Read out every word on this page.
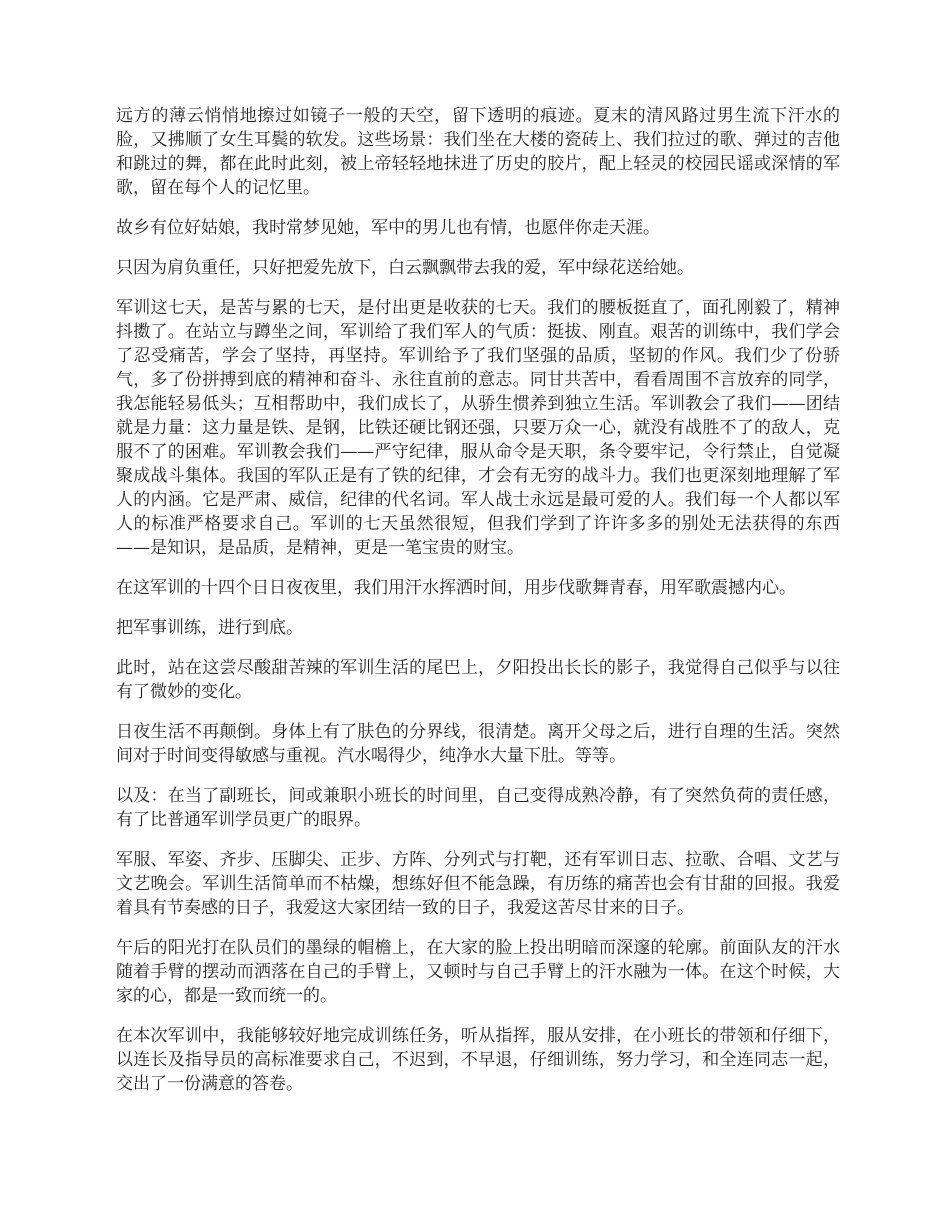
远方的薄云悄悄地擦过如镜子一般的天空，留下透明的痕迹。夏末的清风路过男生流下汗水的脸，又拂顺了女生耳鬓的软发。这些场景：我们坐在大楼的瓷砖上、我们拉过的歌、弹过的吉他和跳过的舞，都在此时此刻，被上帝轻轻地抹进了历史的胶片，配上轻灵的校园民谣或深情的军歌，留在每个人的记忆里。

故乡有位好姑娘，我时常梦见她，军中的男儿也有情，也愿伴你走天涯。

只因为肩负重任，只好把爱先放下，白云飘飘带去我的爱，军中绿花送给她。

军训这七天，是苦与累的七天，是付出更是收获的七天。我们的腰板挺直了，面孔刚毅了，精神抖擞了。在站立与蹲坐之间，军训给了我们军人的气质：挺拔、刚直。艰苦的训练中，我们学会了忍受痛苦，学会了坚持，再坚持。军训给予了我们坚强的品质，坚韧的作风。我们少了份骄气，多了份拼搏到底的精神和奋斗、永往直前的意志。同甘共苦中，看看周围不言放弃的同学，我怎能轻易低头；互相帮助中，我们成长了，从骄生惯养到独立生活。军训教会了我们——团结就是力量：这力量是铁、是钢，比铁还硬比钢还强，只要万众一心，就没有战胜不了的敌人，克服不了的困难。军训教会我们——严守纪律，服从命令是天职，条令要牢记，令行禁止，自觉凝聚成战斗集体。我国的军队正是有了铁的纪律，才会有无穷的战斗力。我们也更深刻地理解了军人的内涵。它是严肃、威信，纪律的代名词。军人战士永远是最可爱的人。我们每一个人都以军人的标准严格要求自己。军训的七天虽然很短，但我们学到了许许多多的别处无法获得的东西——是知识，是品质，是精神，更是一笔宝贵的财宝。

在这军训的十四个日日夜夜里，我们用汗水挥洒时间，用步伐歌舞青春，用军歌震撼内心。

把军事训练，进行到底。

此时，站在这尝尽酸甜苦辣的军训生活的尾巴上，夕阳投出长长的影子，我觉得自己似乎与以往有了微妙的变化。

日夜生活不再颠倒。身体上有了肤色的分界线，很清楚。离开父母之后，进行自理的生活。突然间对于时间变得敏感与重视。汽水喝得少，纯净水大量下肚。等等。

以及：在当了副班长，间或兼职小班长的时间里，自己变得成熟冷静，有了突然负荷的责任感，有了比普通军训学员更广的眼界。

军服、军姿、齐步、压脚尖、正步、方阵、分列式与打靶，还有军训日志、拉歌、合唱、文艺与文艺晚会。军训生活简单而不枯燥，想练好但不能急躁，有历练的痛苦也会有甘甜的回报。我爱着具有节奏感的日子，我爱这大家团结一致的日子，我爱这苦尽甘来的日子。

午后的阳光打在队员们的墨绿的帽檐上，在大家的脸上投出明暗而深邃的轮廓。前面队友的汗水随着手臂的摆动而洒落在自己的手臂上，又顿时与自己手臂上的汗水融为一体。在这个时候，大家的心，都是一致而统一的。

在本次军训中，我能够较好地完成训练任务，听从指挥，服从安排，在小班长的带领和仔细下，以连长及指导员的高标准要求自己，不迟到，不早退，仔细训练，努力学习，和全连同志一起，交出了一份满意的答卷。
